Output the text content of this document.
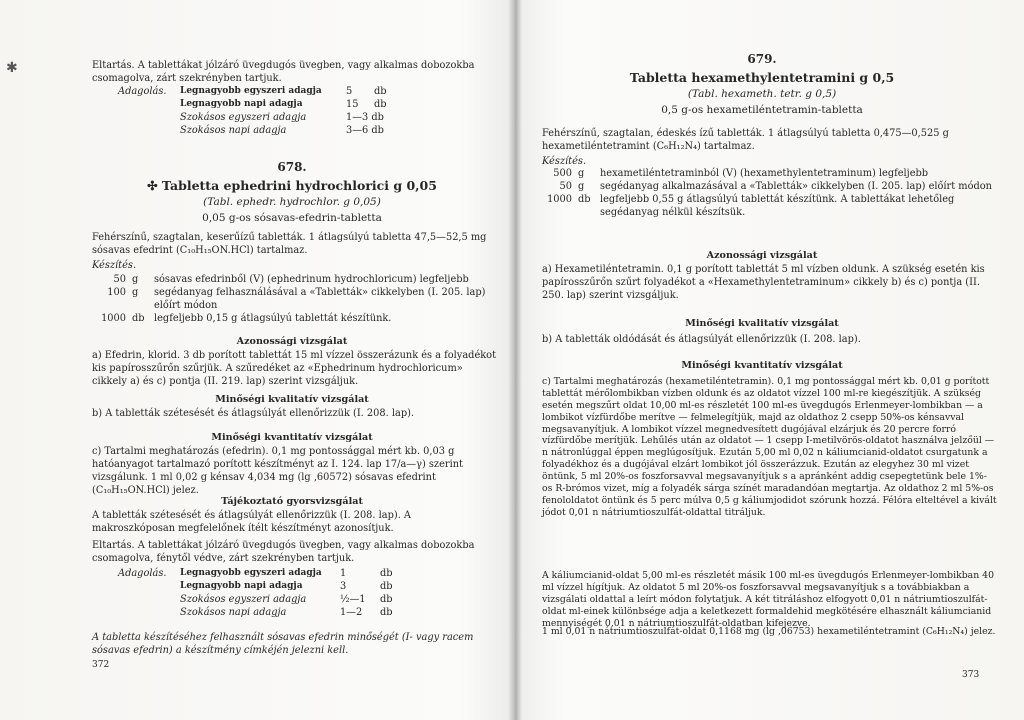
✱	Eltartás. A tablettákat jólzáró üvegdugós üvegben, vagy alkalmas dobozokba csomagolva, zárt szekrényben tartjuk.
Adagolás.	Legnagyobb egyszeri adagja	5	db
Legnagyobb napi adagja	15	db
Szokásos egyszeri adagja	1—3 db
Szokásos napi adagja	3—6 db
678.
✣ Tabletta ephedrini hydrochlorici g 0,05
(Tabl. ephedr. hydrochlor. g 0,05)
0,05 g-os sósavas-efedrin-tabletta
Fehérszínű, szagtalan, keserűízű tabletták. 1 átlagsúlyú tabletta 47,5—52,5 mg sósavas efedrint (C₁₀H₁₅ON.HCl) tartalmaz.
Készítés.
50 g	sósavas efedrinből (V) (ephedrinum hydrochloricum) legfeljebb
100 g	segédanyag felhasználásával a «Tabletták» cikkelyben (I. 205. lap) előírt módon
1000 db legfeljebb 0,15 g átlagsúlyú tablettát készítünk.
Azonossági vizsgálat
a) Efedrin, klorid. 3 db porított tablettát 15 ml vízzel összerázunk és a folyadékot kis papírosszűrőn szűrjük. A szűredéket az «Ephedrinum hydrochloricum» cikkely a) és c) pontja (II. 219. lap) szerint vizsgáljuk.
Minőségi kvalitatív vizsgálat
b) A tabletták szétesését és átlagsúlyát ellenőrizzük (I. 208. lap).
Minőségi kvantitatív vizsgálat
c) Tartalmi meghatározás (efedrin). 0,1 mg pontossággal mért kb. 0,03 g hatóanyagot tartalmazó porított készítményt az I. 124. lap 17/a—γ) szerint vizsgálunk. 1 ml 0,02 g kénsav 4,034 mg (lg ,60572) sósavas efedrint (C₁₀H₁₅ON.HCl) jelez.
Tájékoztató gyorsvizsgálat
A tabletták szétesését és átlagsúlyát ellenőrizzük (I. 208. lap). A makroszkóposan megfelelőnek ítélt készítményt azonosítjuk.
Eltartás. A tablettákat jólzáró üvegdugós üvegben, vagy alkalmas dobozokba csomagolva, fénytől védve, zárt szekrényben tartjuk.
Adagolás.	Legnagyobb egyszeri adagja	1	db
Legnagyobb napi adagja	3	db
Szokásos egyszeri adagja	½—1	db
Szokásos napi adagja	1—2	db
A tabletta készítéséhez felhasznált sósavas efedrin minőségét (I- vagy racem sósavas efedrin) a készítmény címkéjén jelezni kell.
372
679.
Tabletta hexamethylentetramini g 0,5
(Tabl. hexameth. tetr. g 0,5)
0,5 g-os hexametiléntetramin-tabletta
Fehérszínű, szagtalan, édeskés ízű tabletták. 1 átlagsúlyú tabletta 0,475—0,525 g hexametiléntetramint (C₆H₁₂N₄) tartalmaz.
Készítés.
500 g	hexametiléntetraminból (V) (hexamethylentetraminum) legfeljebb
50 g	segédanyag alkalmazásával a «Tabletták» cikkelyben (I. 205. lap) előírt módon
1000 db legfeljebb 0,55 g átlagsúlyú tablettát készítünk. A tablettákat lehetőleg segédanyag nélkül készítsük.
Azonossági vizsgálat
a) Hexametiléntetramin. 0,1 g porított tablettát 5 ml vízben oldunk. A szükség esetén kis papírosszűrőn szűrt folyadékot a «Hexamethylentetraminum» cikkely b) és c) pontja (II. 250. lap) szerint vizsgáljuk.
Minőségi kvalitatív vizsgálat
b) A tabletták oldódását és átlagsúlyát ellenőrizzük (I. 208. lap).
Minőségi kvantitatív vizsgálat
c) Tartalmi meghatározás (hexametiléntetramin). 0,1 mg pontossággal mért kb. 0,01 g porított tablettát mérőlombikban vízben oldunk és az oldatot vízzel 100 ml-re kiegészítjük. A szükség esetén megszűrt oldat 10,00 ml-es részletét 100 ml-es üvegdugós Erlenmeyer-lombikban — a lombikot vízfürdőbe merítve — felmelegítjük, majd az oldathoz 2 csepp 50%-os kénsavval megsavanyítjuk. A lombikot vízzel megnedvesített dugójával elzárjuk és 20 percre forró vízfürdőbe merítjük. Lehűlés után az oldatot — 1 csepp I-metilvörös-oldatot használva jelzőül — n nátronlúggal éppen meglúgosítjuk. Ezután 5,00 ml 0,02 n káliumcianid-oldatot csurgatunk a folyadékhoz és a dugójával elzárt lombikot jól összerázzuk. Ezután az elegyhez 30 ml vizet öntünk, 5 ml 20%-os foszforsavval megsavanyítjuk s a apránként addig csepegtetünk bele 1%-os R-brómos vizet, míg a folyadék sárga színét maradandóan megtartja. Az oldathoz 2 ml 5%-os fenololdatot öntünk és 5 perc múlva 0,5 g káliumjodidot szórunk hozzá. Félóra elteltével a kivált jódot 0,01 n nátriumtioszulfát-oldattal titráljuk.
A káliumcianid-oldat 5,00 ml-es részletét másik 100 ml-es üvegdugós Erlenmeyer-lombikban 40 ml vízzel hígítjuk. Az oldatot 5 ml 20%-os foszforsavval megsavanyítjuk s a továbbiakban a vizsgálati oldattal a leírt módon folytatjuk. A két titráláshoz elfogyott 0,01 n nátriumtioszulfát-oldat ml-einek különbsége adja a keletkezett formaldehid megkötésére elhasznált káliumcianid mennyiségét 0,01 n nátriumtioszulfát-oldatban kifejezve.
1 ml 0,01 n nátriumtioszulfát-oldat 0,1168 mg (lg ,06753) hexametiléntetramint (C₆H₁₂N₄) jelez.
373
